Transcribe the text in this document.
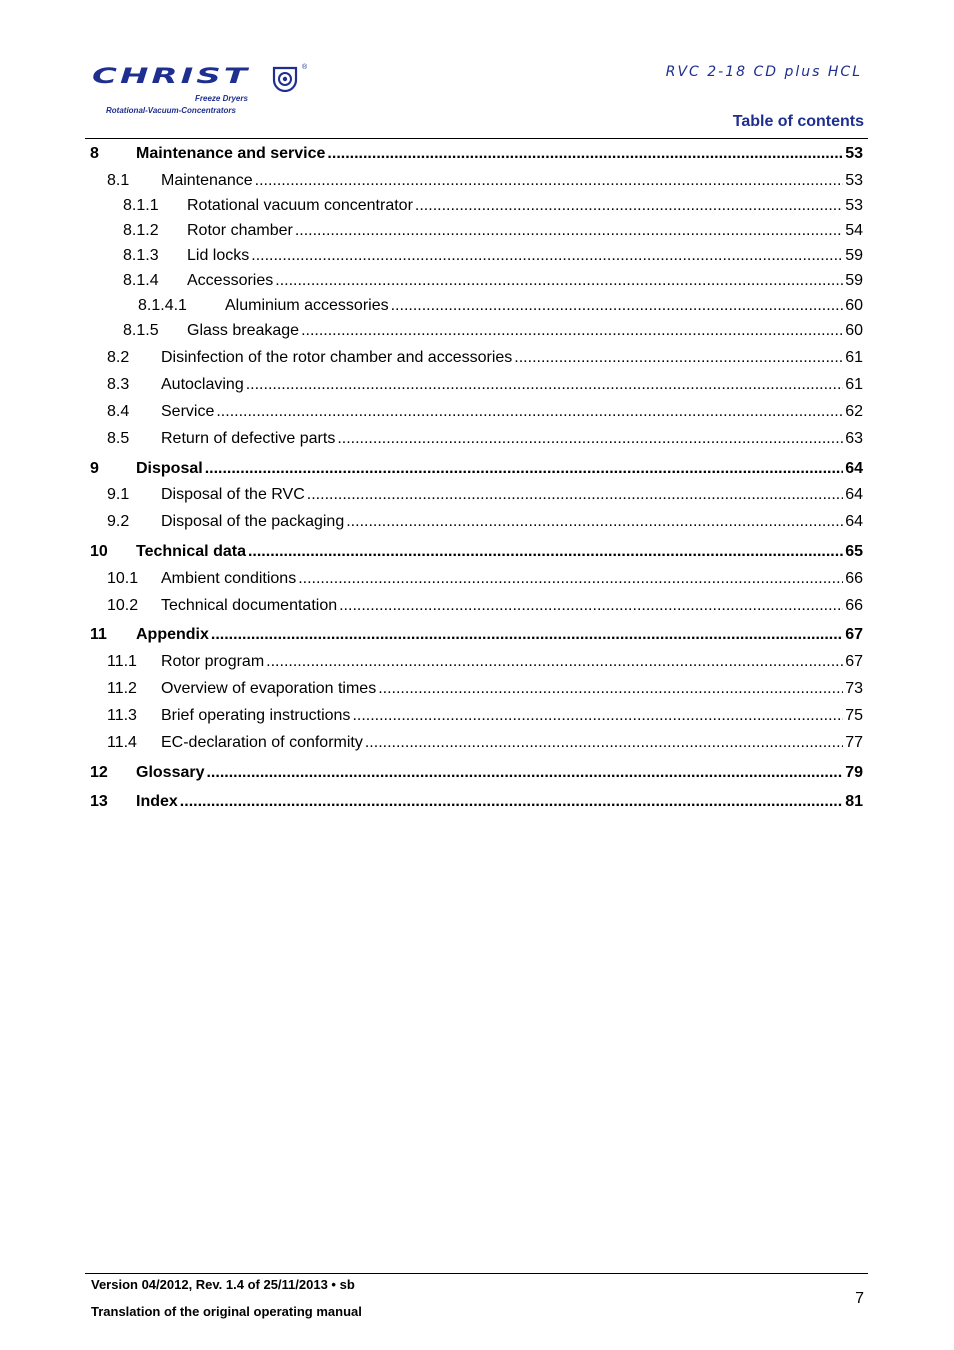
CHRIST	®
Freeze Dryers
Rotational-Vacuum-Concentrators
RVC 2-18 CD plus HCL
Table of contents
8	Maintenance and service .....	53
8.1	Maintenance .....	53
8.1.1	Rotational vacuum concentrator .....	53
8.1.2	Rotor chamber .....	54
8.1.3	Lid locks .....	59
8.1.4	Accessories .....	59
8.1.4.1	Aluminium accessories .....	60
8.1.5	Glass breakage .....	60
8.2	Disinfection of the rotor chamber and accessories .....	61
8.3	Autoclaving .....	61
8.4	Service .....	62
8.5	Return of defective parts .....	63
9	Disposal .....	64
9.1	Disposal of the RVC .....	64
9.2	Disposal of the packaging .....	64
10	Technical data .....	65
10.1	Ambient conditions .....	66
10.2	Technical documentation .....	66
11	Appendix .....	67
11.1	Rotor program .....	67
11.2	Overview of evaporation times .....	73
11.3	Brief operating instructions .....	75
11.4	EC-declaration of conformity .....	77
12	Glossary .....	79
13	Index .....	81
Version 04/2012, Rev. 1.4 of 25/11/2013 • sb
Translation of the original operating manual
7
